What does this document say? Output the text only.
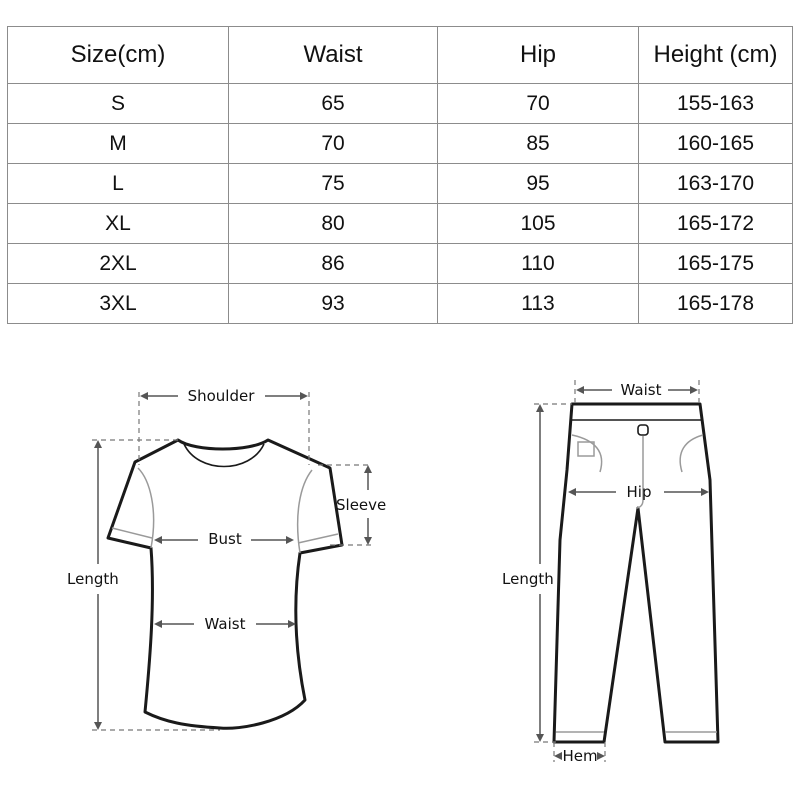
Size(cm)	Waist	Hip	Height (cm)
S	65	70	155-163
M	70	85	160-165
L	75	95	163-170
XL	80	105	165-172
2XL	86	110	165-175
3XL	93	113	165-178
Shoulder
Sleeve
Bust
Waist
Length
Waist
Hip
Length
Hem
